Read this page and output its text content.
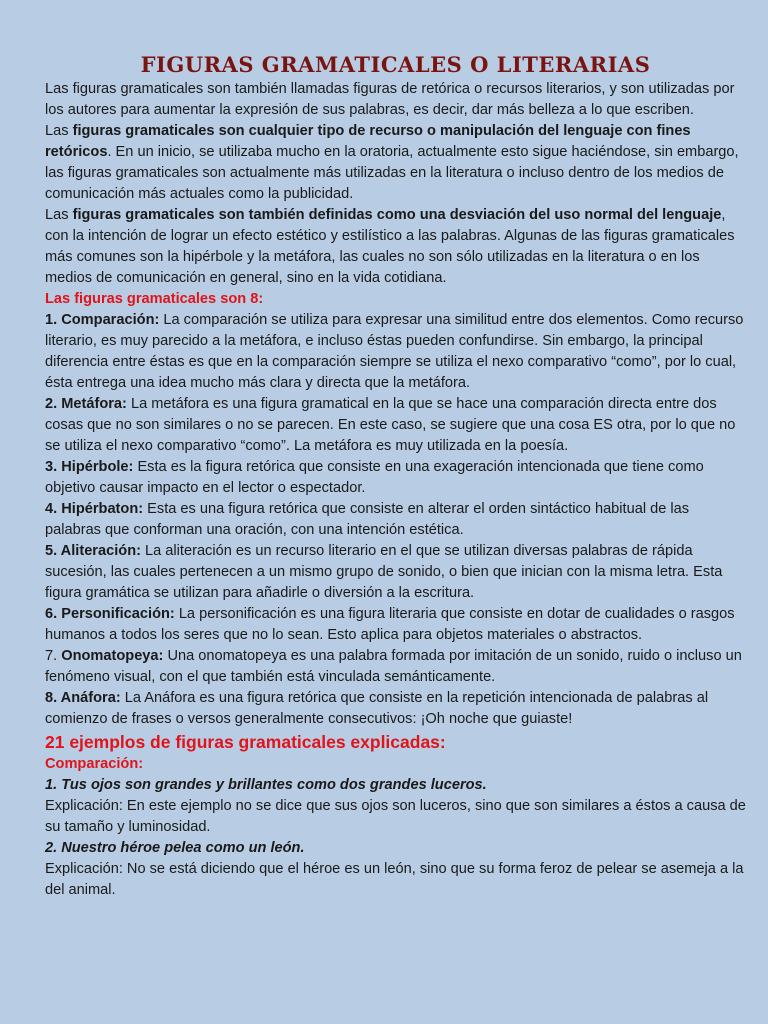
FIGURAS GRAMATICALES O LITERARIAS

Las figuras gramaticales son también llamadas figuras de retórica o recursos literarios, y son utilizadas por los autores para aumentar la expresión de sus palabras, es decir, dar más belleza a lo que escriben.

Las figuras gramaticales son cualquier tipo de recurso o manipulación del lenguaje con fines retóricos. En un inicio, se utilizaba mucho en la oratoria, actualmente esto sigue haciéndose, sin embargo, las figuras gramaticales son actualmente más utilizadas en la literatura o incluso dentro de los medios de comunicación más actuales como la publicidad.

Las figuras gramaticales son también definidas como una desviación del uso normal del lenguaje, con la intención de lograr un efecto estético y estilístico a las palabras. Algunas de las figuras gramaticales más comunes son la hipérbole y la metáfora, las cuales no son sólo utilizadas en la literatura o en los medios de comunicación en general, sino en la vida cotidiana.

Las figuras gramaticales son 8:

1. Comparación: La comparación se utiliza para expresar una similitud entre dos elementos. Como recurso literario, es muy parecido a la metáfora, e incluso éstas pueden confundirse. Sin embargo, la principal diferencia entre éstas es que en la comparación siempre se utiliza el nexo comparativo “como”, por lo cual, ésta entrega una idea mucho más clara y directa que la metáfora.

2. Metáfora: La metáfora es una figura gramatical en la que se hace una comparación directa entre dos cosas que no son similares o no se parecen. En este caso, se sugiere que una cosa ES otra, por lo que no se utiliza el nexo comparativo “como”. La metáfora es muy utilizada en la poesía.

3. Hipérbole: Esta es la figura retórica que consiste en una exageración intencionada que tiene como objetivo causar impacto en el lector o espectador.

4. Hipérbaton: Esta es una figura retórica que consiste en alterar el orden sintáctico habitual de las palabras que conforman una oración, con una intención estética.

5. Aliteración: La aliteración es un recurso literario en el que se utilizan diversas palabras de rápida sucesión, las cuales pertenecen a un mismo grupo de sonido, o bien que inician con la misma letra. Esta figura gramática se utilizan para añadirle o diversión a la escritura.

6. Personificación: La personificación es una figura literaria que consiste en dotar de cualidades o rasgos humanos a todos los seres que no lo sean. Esto aplica para objetos materiales o abstractos.

7. Onomatopeya: Una onomatopeya es una palabra formada por imitación de un sonido, ruido o incluso un fenómeno visual, con el que también está vinculada semánticamente.

8. Anáfora: La Anáfora es una figura retórica que consiste en la repetición intencionada de palabras al comienzo de frases o versos generalmente consecutivos: ¡Oh noche que guiaste!

21 ejemplos de figuras gramaticales explicadas:

Comparación:

1. Tus ojos son grandes y brillantes como dos grandes luceros.

Explicación: En este ejemplo no se dice que sus ojos son luceros, sino que son similares a éstos a causa de su tamaño y luminosidad.

2. Nuestro héroe pelea como un león.

Explicación: No se está diciendo que el héroe es un león, sino que su forma feroz de pelear se asemeja a la del animal.
